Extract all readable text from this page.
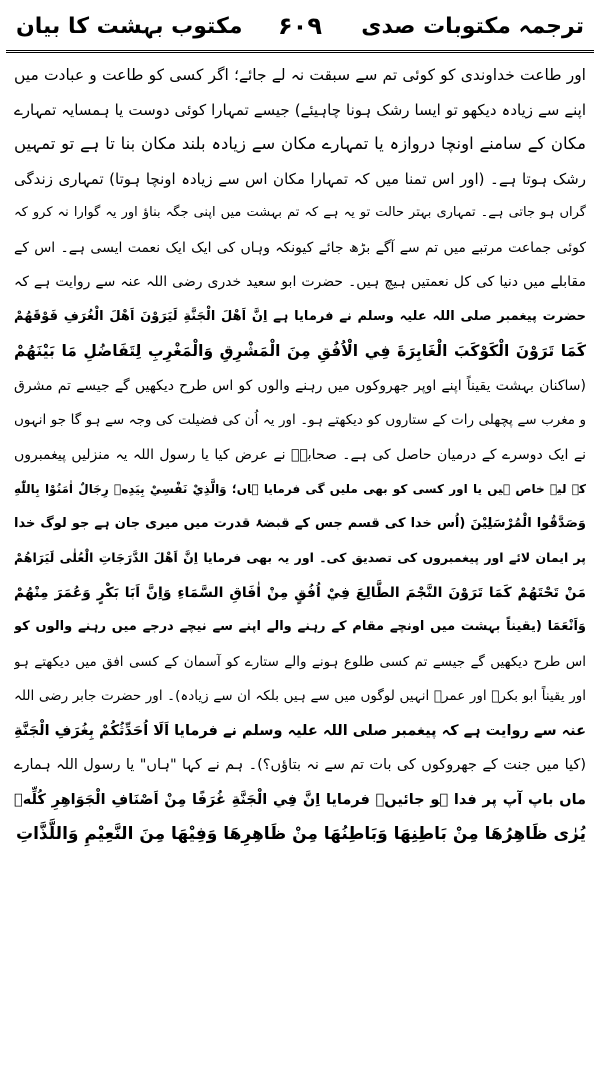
ترجمہ مکتوبات صدی
۶۰۹
مکتوب بہشت کا بیان
اور طاعت خداوندی کو کوئی تم سے سبقت نہ لے جائے؛ اگر کسی کو طاعت و عبادت میں
اپنے سے زیادہ دیکھو تو ایسا رشک ہونا چاہیئے) جیسے تمہارا کوئی دوست یا ہمسایہ تمہارے
مکان کے سامنے اونچا دروازہ یا تمہارے مکان سے زیادہ بلند مکان بنا تا ہے تو تمہیں
رشک ہوتا ہے۔ (اور اس تمنا میں کہ تمہارا مکان اس سے زیادہ اونچا ہوتا) تمہاری زندگی
گراں ہو جاتی ہے۔ تمہاری بہتر حالت تو یہ ہے کہ تم بہشت میں اپنی جگہ بناؤ اور یہ گوارا نہ کرو کہ
کوئی جماعت مرتبے میں تم سے آگے بڑھ جائے کیونکہ وہاں کی ایک ایک نعمت ایسی ہے۔ اس کے
مقابلے میں دنیا کی کل نعمتیں ہیچ ہیں۔ حضرت ابو سعید خدری رضی اللہ عنہ سے روایت ہے کہ
حضرت پیغمبر صلی اللہ علیہ وسلم نے فرمایا ہے اِنَّ اَهْلَ الْجَنَّةِ لَيَرَوْنَ اَهْلَ الْغُرَفِ فَوْقَهُمْ
كَمَا تَرَوْنَ الْكَوْكَبَ الْغَابِرَةَ فِي الْاُفُقِ مِنَ الْمَشْرِقِ وَالْمَغْرِبِ لِتَفَاضُلِ مَا بَيْنَهُمْ
(ساکنان بہشت یقیناً اپنے اوپر جھروکوں میں رہنے والوں کو اس طرح دیکھیں گے جیسے تم مشرق
و مغرب سے پچھلی رات کے ستاروں کو دیکھتے ہو۔ اور یہ اُن کی فضیلت کی وجہ سے ہو گا جو انہوں
نے ایک دوسرے کے درمیان حاصل کی ہے۔ صحابہؓ نے عرض کیا یا رسول اللہ یہ منزلیں پیغمبروں
کے لیے خاص ہیں یا اور کسی کو بھی ملیں گی فرمایا ہاں؛ وَالَّذِيْ نَفْسِيْ بِيَدِهٖ رِجَالٌ اٰمَنُوْا بِاللّٰهِ
وَصَدَّقُوا الْمُرْسَلِيْنَ (اُس خدا کی قسم جس کے قبضۂ قدرت میں میری جان ہے جو لوگ خدا
پر ایمان لائے اور پیغمبروں کی تصدیق کی۔ اور یہ بھی فرمایا اِنَّ اَهْلَ الدَّرَجَاتِ الْعُلٰى لَيَرَاهُمْ
مَنْ تَحْتَهُمْ كَمَا تَرَوْنَ النَّجْمَ الطَّالِعَ فِيْ اُفُقٍ مِنْ اٰفَاقِ السَّمَاءِ وَاِنَّ اَبَا بَكْرٍ وَعُمَرَ مِنْهُمْ
وَاَنْعَمَا (یقیناً بہشت میں اونچے مقام کے رہنے والے اپنے سے نیچے درجے میں رہنے والوں کو
اس طرح دیکھیں گے جیسے تم کسی طلوع ہونے والے ستارے کو آسمان کے کسی افق میں دیکھتے ہو
اور یقیناً ابو بکرؓ اور عمرؓ انہیں لوگوں میں سے ہیں بلکہ ان سے زیادہ)۔ اور حضرت جابر رضی اللہ
عنہ سے روایت ہے کہ پیغمبر صلی اللہ علیہ وسلم نے فرمایا اَلَا اُحَدِّثُكُمْ بِغُرَفِ الْجَنَّةِ
(کیا میں جنت کے جھروکوں کی بات تم سے نہ بتاؤں؟)۔ ہم نے کہا "ہاں" یا رسول اللہ ہمارے
ماں باپ آپ پر فدا ہو جائیں۔ فرمایا اِنَّ فِي الْجَنَّةِ غُرَفًا مِنْ اَصْنَافِ الْجَوَاهِرِ كُلِّهٖ
يُرٰى ظَاهِرُهَا مِنْ بَاطِنِهَا وَبَاطِنُهَا مِنْ ظَاهِرِهَا وَفِيْهَا مِنَ النَّعِيْمِ وَاللَّذَّاتِ
